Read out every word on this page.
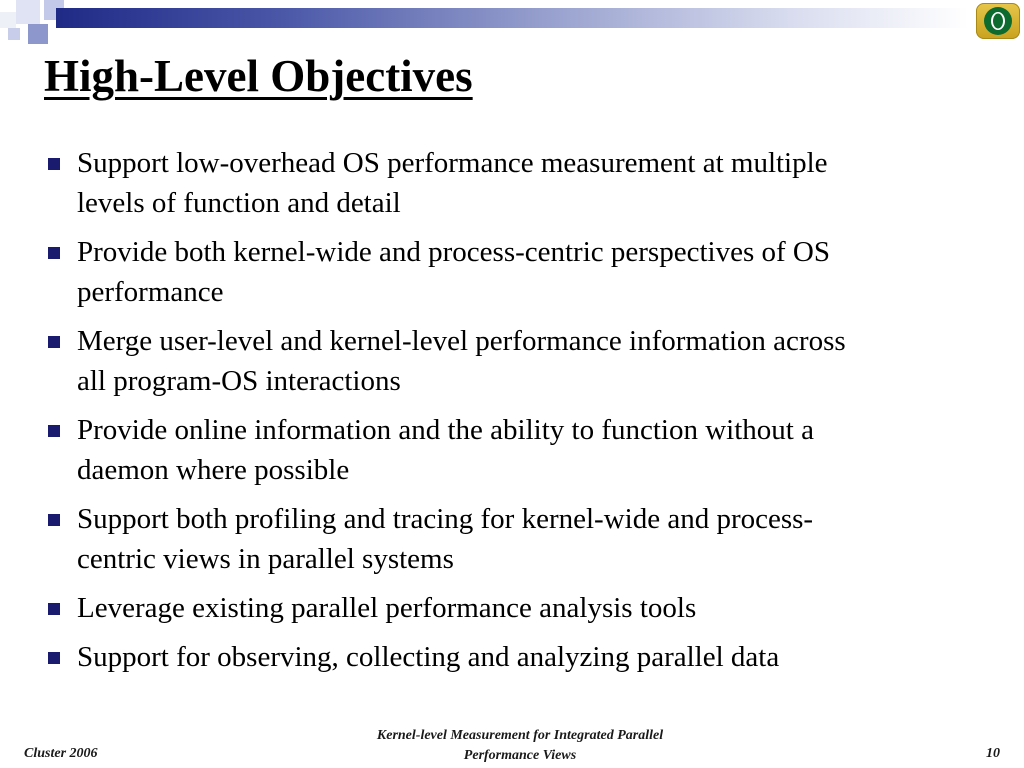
High-Level Objectives
Support low-overhead OS performance measurement at multiple
levels of function and detail
Provide both kernel-wide and process-centric perspectives of OS
performance
Merge user-level and kernel-level performance information across
all program-OS interactions
Provide online information and the ability to function without a
daemon where possible
Support both profiling and tracing for kernel-wide and process-
centric views in parallel systems
Leverage existing parallel performance analysis tools
Support for observing, collecting and analyzing parallel data
Cluster 2006
Kernel-level Measurement for Integrated Parallel
Performance Views	10
